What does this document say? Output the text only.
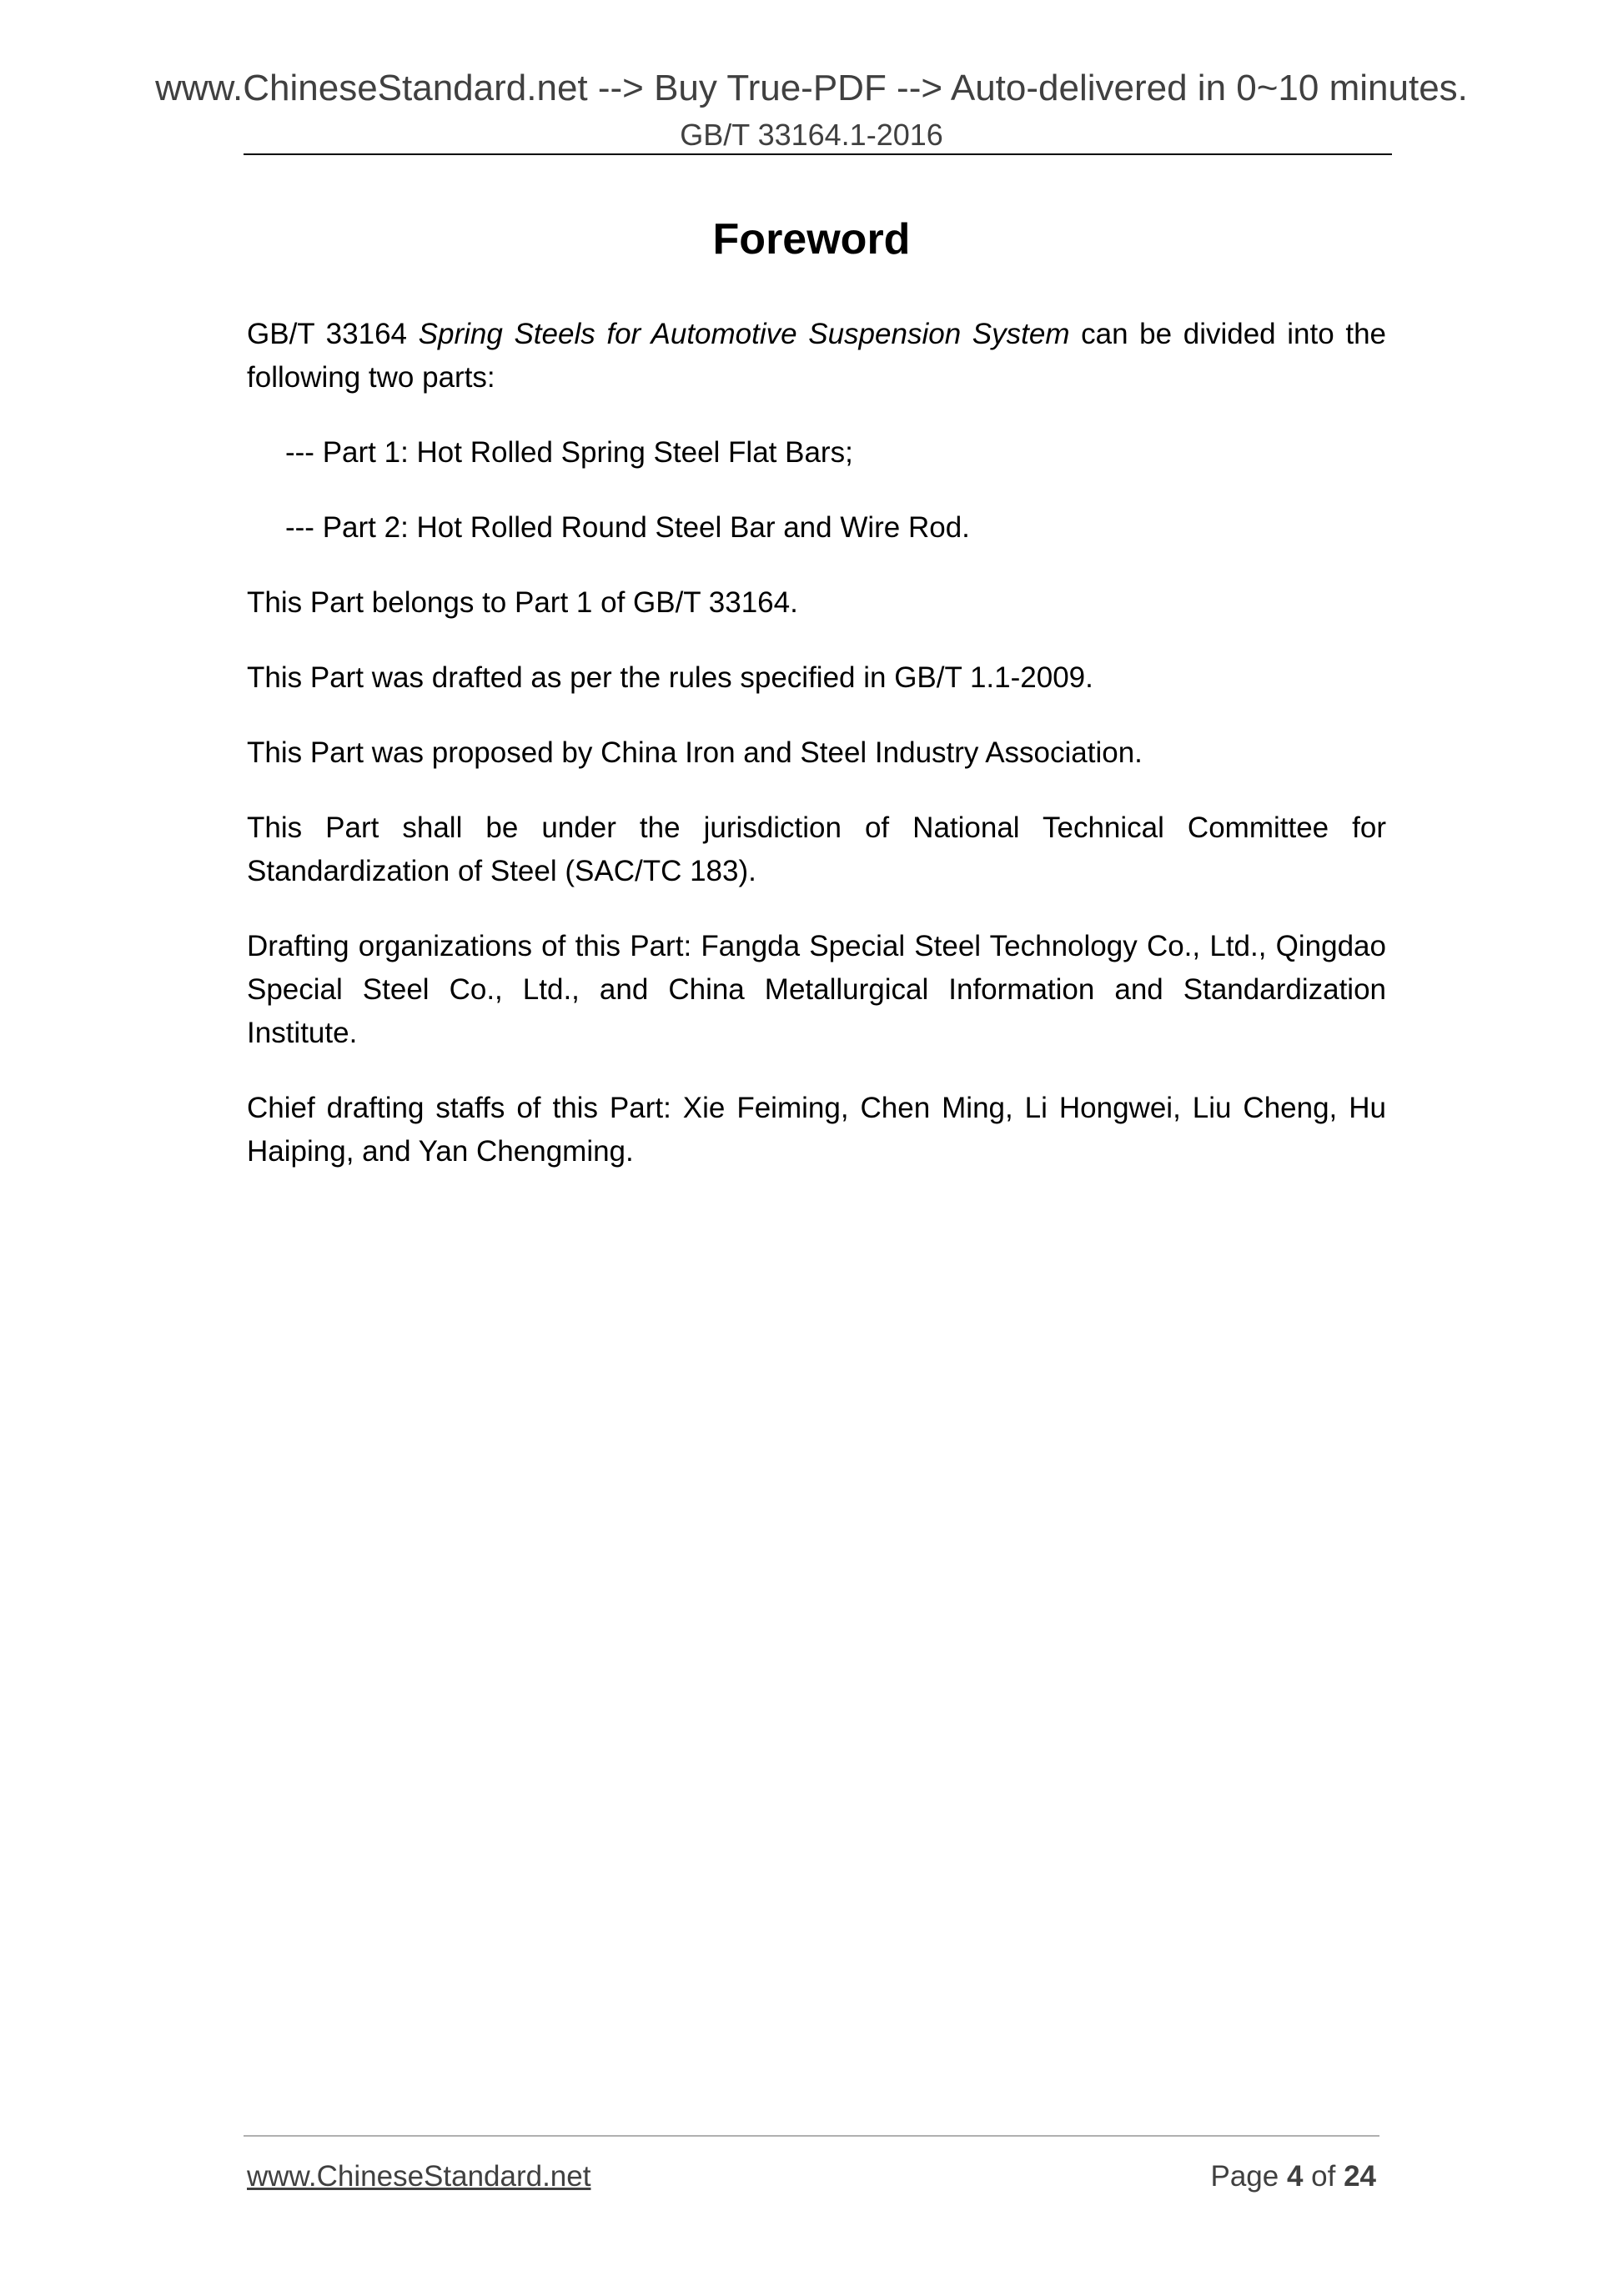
www.ChineseStandard.net --> Buy True-PDF --> Auto-delivered in 0~10 minutes.
GB/T 33164.1-2016
Foreword

GB/T 33164 Spring Steels for Automotive Suspension System can be divided into the following two parts:

--- Part 1: Hot Rolled Spring Steel Flat Bars;

--- Part 2: Hot Rolled Round Steel Bar and Wire Rod.

This Part belongs to Part 1 of GB/T 33164.

This Part was drafted as per the rules specified in GB/T 1.1-2009.

This Part was proposed by China Iron and Steel Industry Association.

This Part shall be under the jurisdiction of National Technical Committee for Standardization of Steel (SAC/TC 183).

Drafting organizations of this Part: Fangda Special Steel Technology Co., Ltd., Qingdao Special Steel Co., Ltd., and China Metallurgical Information and Standardization Institute.

Chief drafting staffs of this Part: Xie Feiming, Chen Ming, Li Hongwei, Liu Cheng, Hu Haiping, and Yan Chengming.

www.ChineseStandard.net	Page 4 of 24
